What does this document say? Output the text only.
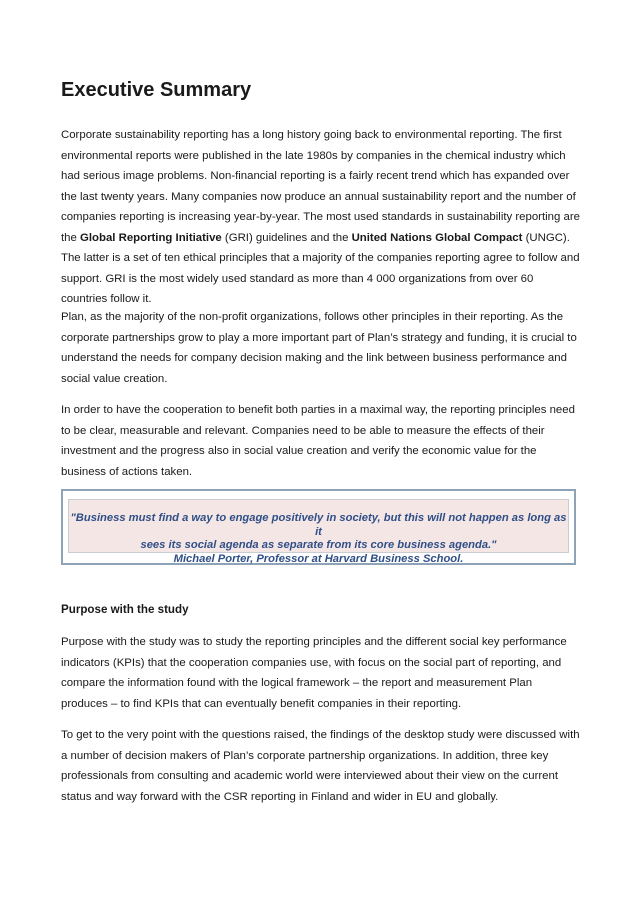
Executive Summary

Corporate sustainability reporting has a long history going back to environmental reporting. The first environmental reports were published in the late 1980s by companies in the chemical industry which had serious image problems. Non-financial reporting is a fairly recent trend which has expanded over the last twenty years. Many companies now produce an annual sustainability report and the number of companies reporting is increasing year-by-year. The most used standards in sustainability reporting are the Global Reporting Initiative (GRI) guidelines and the United Nations Global Compact (UNGC). The latter is a set of ten ethical principles that a majority of the companies reporting agree to follow and support. GRI is the most widely used standard as more than 4 000 organizations from over 60 countries follow it.

Plan, as the majority of the non-profit organizations, follows other principles in their reporting. As the corporate partnerships grow to play a more important part of Plan’s strategy and funding, it is crucial to understand the needs for company decision making and the link between business performance and social value creation.

In order to have the cooperation to benefit both parties in a maximal way, the reporting principles need to be clear, measurable and relevant. Companies need to be able to measure the effects of their investment and the progress also in social value creation and verify the economic value for the business of actions taken.

"Business must find a way to engage positively in society, but this will not happen as long as it
sees its social agenda as separate from its core business agenda."
Michael Porter, Professor at Harvard Business School.
Purpose with the study

Purpose with the study was to study the reporting principles and the different social key performance indicators (KPIs) that the cooperation companies use, with focus on the social part of reporting, and compare the information found with the logical framework – the report and measurement Plan produces – to find KPIs that can eventually benefit companies in their reporting.

To get to the very point with the questions raised, the findings of the desktop study were discussed with a number of decision makers of Plan’s corporate partnership organizations. In addition, three key professionals from consulting and academic world were interviewed about their view on the current status and way forward with the CSR reporting in Finland and wider in EU and globally.
